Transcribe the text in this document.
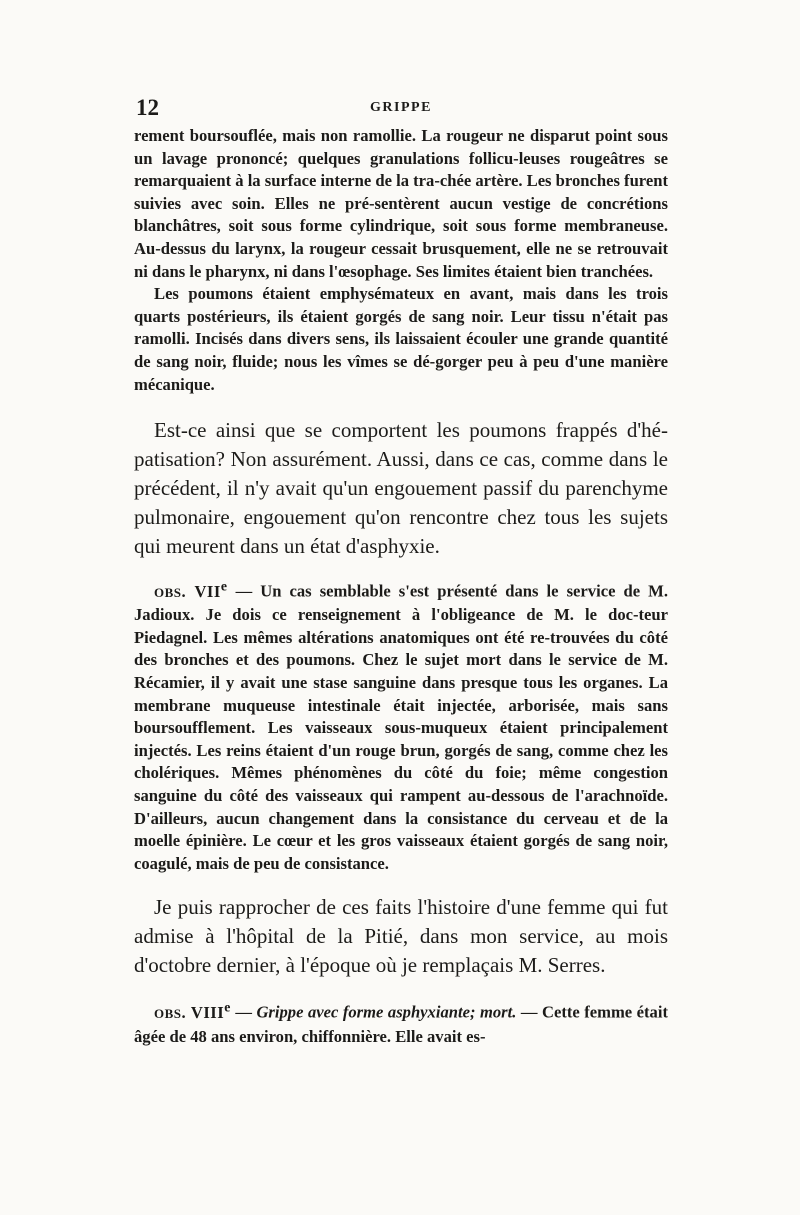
12	GRIPPE

rement boursouflée, mais non ramollie. La rougeur ne disparut point sous un lavage prononcé; quelques granulations follicu-leuses rougeâtres se remarquaient à la surface interne de la tra-chée artère. Les bronches furent suivies avec soin. Elles ne pré-sentèrent aucun vestige de concrétions blanchâtres, soit sous forme cylindrique, soit sous forme membraneuse. Au-dessus du larynx, la rougeur cessait brusquement, elle ne se retrouvait ni dans le pharynx, ni dans l'œsophage. Ses limites étaient bien tranchées.

Les poumons étaient emphysémateux en avant, mais dans les trois quarts postérieurs, ils étaient gorgés de sang noir. Leur tissu n'était pas ramolli. Incisés dans divers sens, ils laissaient écouler une grande quantité de sang noir, fluide; nous les vîmes se dé-gorger peu à peu d'une manière mécanique.

Est-ce ainsi que se comportent les poumons frappés d'hé-patisation? Non assurément. Aussi, dans ce cas, comme dans le précédent, il n'y avait qu'un engouement passif du parenchyme pulmonaire, engouement qu'on rencontre chez tous les sujets qui meurent dans un état d'asphyxie.

OBS. VIIe — Un cas semblable s'est présenté dans le service de M. Jadioux. Je dois ce renseignement à l'obligeance de M. le doc-teur Piedagnel. Les mêmes altérations anatomiques ont été re-trouvées du côté des bronches et des poumons. Chez le sujet mort dans le service de M. Récamier, il y avait une stase sanguine dans presque tous les organes. La membrane muqueuse intestinale était injectée, arborisée, mais sans boursoufflement. Les vaisseaux sous-muqueux étaient principalement injectés. Les reins étaient d'un rouge brun, gorgés de sang, comme chez les cholériques. Mêmes phénomènes du côté du foie; même congestion sanguine du côté des vaisseaux qui rampent au-dessous de l'arachnoïde. D'ailleurs, aucun changement dans la consistance du cerveau et de la moelle épinière. Le cœur et les gros vaisseaux étaient gorgés de sang noir, coagulé, mais de peu de consistance.

Je puis rapprocher de ces faits l'histoire d'une femme qui fut admise à l'hôpital de la Pitié, dans mon service, au mois d'octobre dernier, à l'époque où je remplaçais M. Serres.

OBS. VIIIe — Grippe avec forme asphyxiante; mort. — Cette femme était âgée de 48 ans environ, chiffonnière. Elle avait es-
